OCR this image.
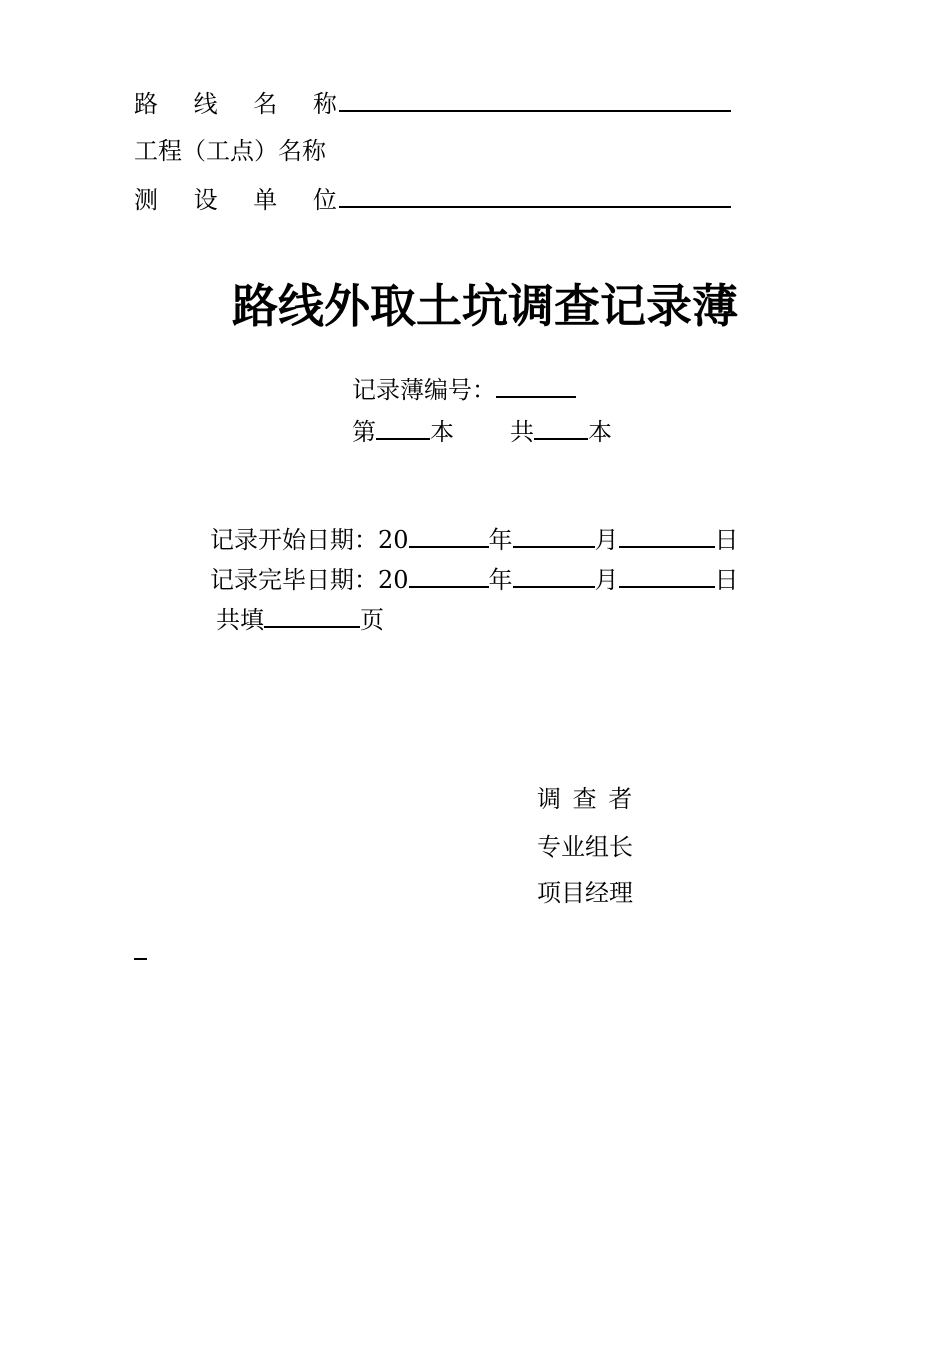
路 线 名 称
工程（工点）名称
测 设 单 位
路线外取土坑调查记录薄
记录薄编号：
第 本 共 本
记录开始日期：20	年	月	日
记录完毕日期：20	年	月	日
共填	页
调 查 者
专业组长
项目经理
